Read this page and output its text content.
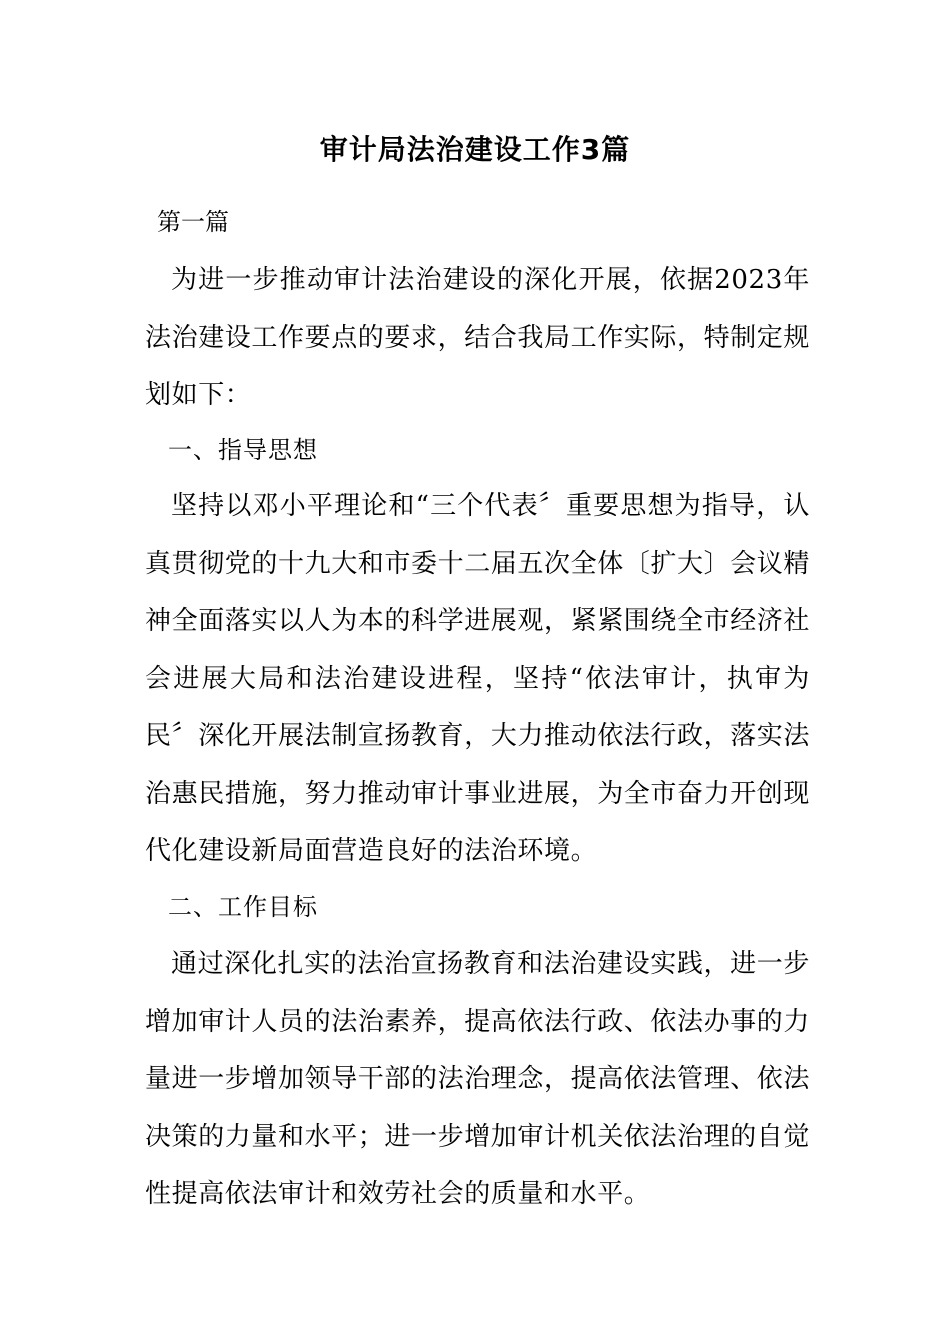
审计局法治建设工作3篇
第一篇

为进一步推动审计法治建设的深化开展，依据2023年法治建设工作要点的要求，结合我局工作实际，特制定规划如下：

一、指导思想

坚持以邓小平理论和“三个代表〞重要思想为指导，认真贯彻党的十九大和市委十二届五次全体〔扩大〕会议精神全面落实以人为本的科学进展观，紧紧围绕全市经济社会进展大局和法治建设进程，坚持“依法审计，执审为民〞深化开展法制宣扬教育，大力推动依法行政，落实法治惠民措施，努力推动审计事业进展，为全市奋力开创现代化建设新局面营造良好的法治环境。

二、工作目标

通过深化扎实的法治宣扬教育和法治建设实践，进一步增加审计人员的法治素养，提高依法行政、依法办事的力量进一步增加领导干部的法治理念，提高依法管理、依法决策的力量和水平；进一步增加审计机关依法治理的自觉性提高依法审计和效劳社会的质量和水平。
